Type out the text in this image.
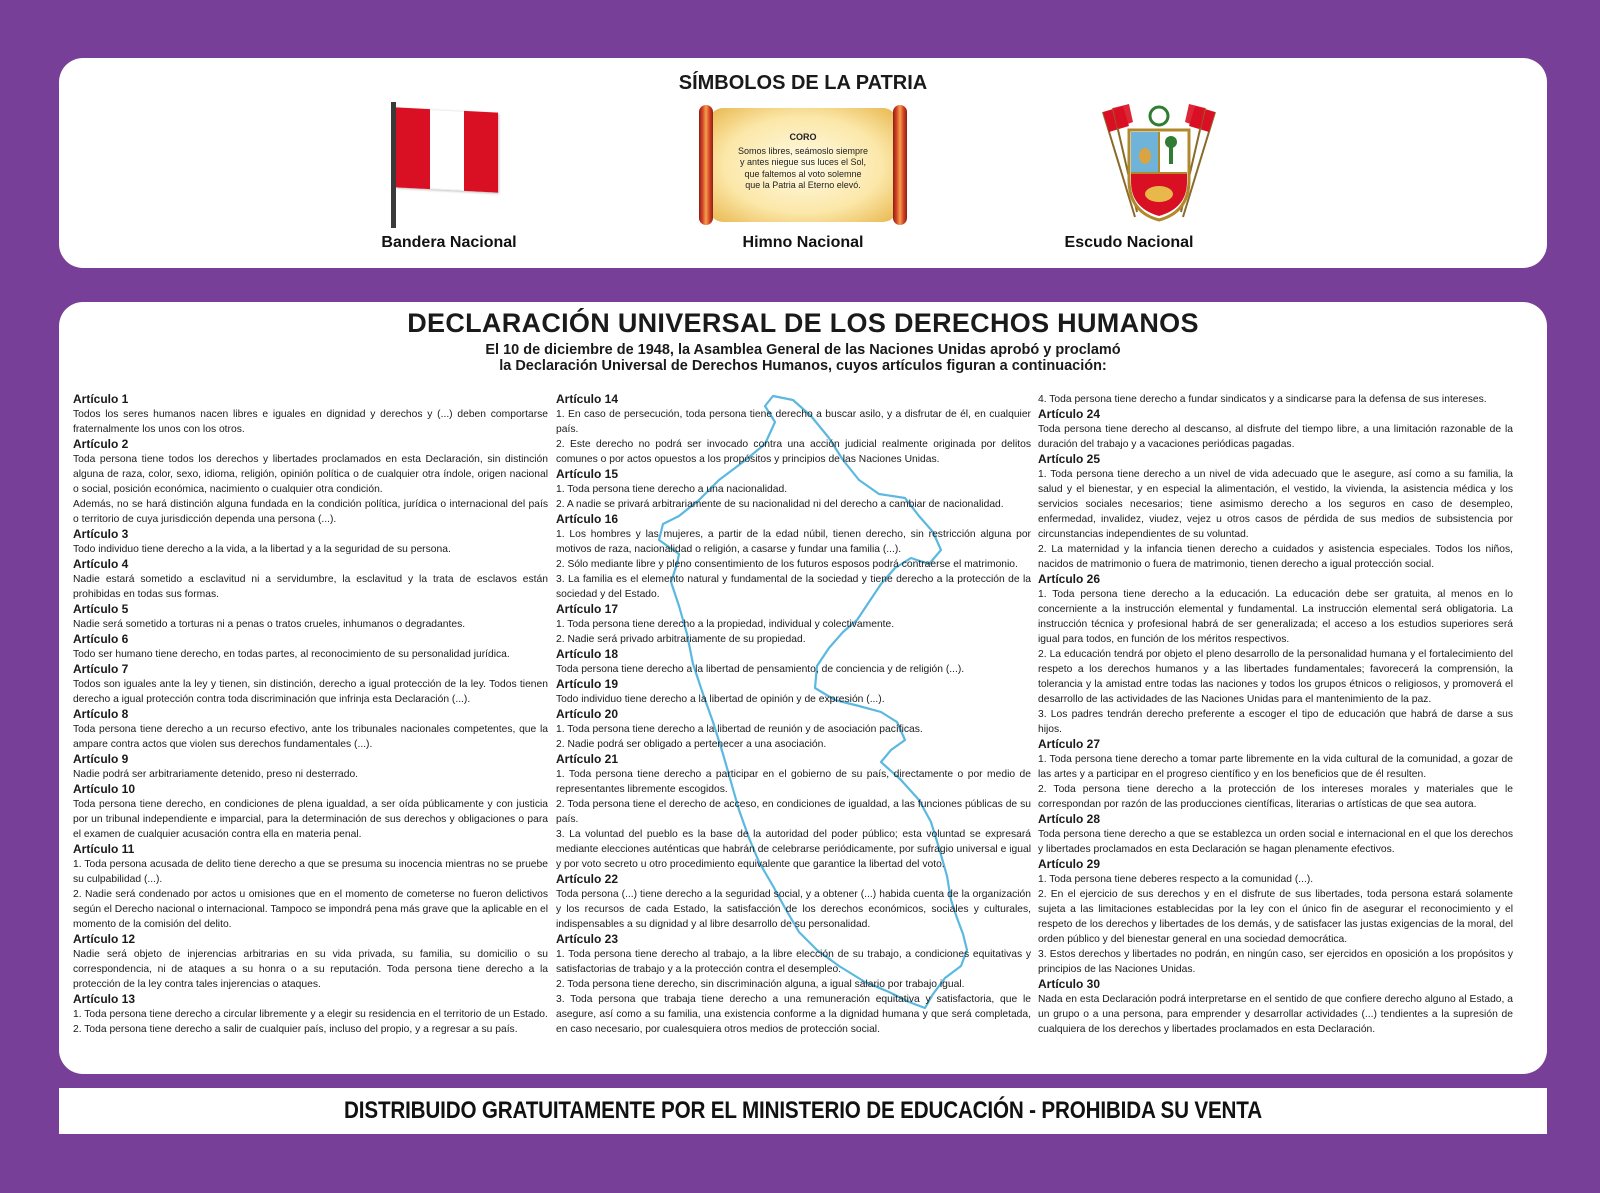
SÍMBOLOS DE LA PATRIA
Bandera Nacional
CORO
Somos libres, seámoslo siempre
y antes niegue sus luces el Sol,
que faltemos al voto solemne
que la Patria al Eterno elevó.
Himno Nacional	Escudo Nacional
DECLARACIÓN UNIVERSAL DE LOS DERECHOS HUMANOS
El 10 de diciembre de 1948, la Asamblea General de las Naciones Unidas aprobó y proclamó
la Declaración Universal de Derechos Humanos, cuyos artículos figuran a continuación:
Artículo 1

Todos los seres humanos nacen libres e iguales en dignidad y derechos y (...) deben comportarse fraternalmente los unos con los otros.

Artículo 2

Toda persona tiene todos los derechos y libertades proclamados en esta Declaración, sin distinción alguna de raza, color, sexo, idioma, religión, opinión política o de cualquier otra índole, origen nacional o social, posición económica, nacimiento o cualquier otra condición.

Además, no se hará distinción alguna fundada en la condición política, jurídica o internacional del país o territorio de cuya jurisdicción dependa una persona (...).

Artículo 3

Todo individuo tiene derecho a la vida, a la libertad y a la seguridad de su persona.

Artículo 4

Nadie estará sometido a esclavitud ni a servidumbre, la esclavitud y la trata de esclavos están prohibidas en todas sus formas.

Artículo 5

Nadie será sometido a torturas ni a penas o tratos crueles, inhumanos o degradantes.

Artículo 6

Todo ser humano tiene derecho, en todas partes, al reconocimiento de su personalidad jurídica.

Artículo 7

Todos son iguales ante la ley y tienen, sin distinción, derecho a igual protección de la ley. Todos tienen derecho a igual protección contra toda discriminación que infrinja esta Declaración (...).

Artículo 8

Toda persona tiene derecho a un recurso efectivo, ante los tribunales nacionales competentes, que la ampare contra actos que violen sus derechos fundamentales (...).

Artículo 9

Nadie podrá ser arbitrariamente detenido, preso ni desterrado.

Artículo 10

Toda persona tiene derecho, en condiciones de plena igualdad, a ser oída públicamente y con justicia por un tribunal independiente e imparcial, para la determinación de sus derechos y obligaciones o para el examen de cualquier acusación contra ella en materia penal.

Artículo 11

1. Toda persona acusada de delito tiene derecho a que se presuma su inocencia mientras no se pruebe su culpabilidad (...).

2. Nadie será condenado por actos u omisiones que en el momento de cometerse no fueron delictivos según el Derecho nacional o internacional. Tampoco se impondrá pena más grave que la aplicable en el momento de la comisión del delito.

Artículo 12

Nadie será objeto de injerencias arbitrarias en su vida privada, su familia, su domicilio o su correspondencia, ni de ataques a su honra o a su reputación. Toda persona tiene derecho a la protección de la ley contra tales injerencias o ataques.

Artículo 13

1. Toda persona tiene derecho a circular libremente y a elegir su residencia en el territorio de un Estado.

2. Toda persona tiene derecho a salir de cualquier país, incluso del propio, y a regresar a su país.

Artículo 14

1. En caso de persecución, toda persona tiene derecho a buscar asilo, y a disfrutar de él, en cualquier país.

2. Este derecho no podrá ser invocado contra una acción judicial realmente originada por delitos comunes o por actos opuestos a los propósitos y principios de las Naciones Unidas.

Artículo 15

1. Toda persona tiene derecho a una nacionalidad.

2. A nadie se privará arbitrariamente de su nacionalidad ni del derecho a cambiar de nacionalidad.

Artículo 16

1. Los hombres y las mujeres, a partir de la edad núbil, tienen derecho, sin restricción alguna por motivos de raza, nacionalidad o religión, a casarse y fundar una familia (...).

2. Sólo mediante libre y pleno consentimiento de los futuros esposos podrá contraerse el matrimonio.

3. La familia es el elemento natural y fundamental de la sociedad y tiene derecho a la protección de la sociedad y del Estado.

Artículo 17

1. Toda persona tiene derecho a la propiedad, individual y colectivamente.

2. Nadie será privado arbitrariamente de su propiedad.

Artículo 18

Toda persona tiene derecho a la libertad de pensamiento, de conciencia y de religión (...).

Artículo 19

Todo individuo tiene derecho a la libertad de opinión y de expresión (...).

Artículo 20

1. Toda persona tiene derecho a la libertad de reunión y de asociación pacíficas.

2. Nadie podrá ser obligado a pertenecer a una asociación.

Artículo 21

1. Toda persona tiene derecho a participar en el gobierno de su país, directamente o por medio de representantes libremente escogidos.

2. Toda persona tiene el derecho de acceso, en condiciones de igualdad, a las funciones públicas de su país.

3. La voluntad del pueblo es la base de la autoridad del poder público; esta voluntad se expresará mediante elecciones auténticas que habrán de celebrarse periódicamente, por sufragio universal e igual y por voto secreto u otro procedimiento equivalente que garantice la libertad del voto.

Artículo 22

Toda persona (...) tiene derecho a la seguridad social, y a obtener (...) habida cuenta de la organización y los recursos de cada Estado, la satisfacción de los derechos económicos, sociales y culturales, indispensables a su dignidad y al libre desarrollo de su personalidad.

Artículo 23

1. Toda persona tiene derecho al trabajo, a la libre elección de su trabajo, a condiciones equitativas y satisfactorias de trabajo y a la protección contra el desempleo.

2. Toda persona tiene derecho, sin discriminación alguna, a igual salario por trabajo igual.

3. Toda persona que trabaja tiene derecho a una remuneración equitativa y satisfactoria, que le asegure, así como a su familia, una existencia conforme a la dignidad humana y que será completada, en caso necesario, por cualesquiera otros medios de protección social.

4. Toda persona tiene derecho a fundar sindicatos y a sindicarse para la defensa de sus intereses.

Artículo 24

Toda persona tiene derecho al descanso, al disfrute del tiempo libre, a una limitación razonable de la duración del trabajo y a vacaciones periódicas pagadas.

Artículo 25

1. Toda persona tiene derecho a un nivel de vida adecuado que le asegure, así como a su familia, la salud y el bienestar, y en especial la alimentación, el vestido, la vivienda, la asistencia médica y los servicios sociales necesarios; tiene asimismo derecho a los seguros en caso de desempleo, enfermedad, invalidez, viudez, vejez u otros casos de pérdida de sus medios de subsistencia por circunstancias independientes de su voluntad.

2. La maternidad y la infancia tienen derecho a cuidados y asistencia especiales. Todos los niños, nacidos de matrimonio o fuera de matrimonio, tienen derecho a igual protección social.

Artículo 26

1. Toda persona tiene derecho a la educación. La educación debe ser gratuita, al menos en lo concerniente a la instrucción elemental y fundamental. La instrucción elemental será obligatoria. La instrucción técnica y profesional habrá de ser generalizada; el acceso a los estudios superiores será igual para todos, en función de los méritos respectivos.

2. La educación tendrá por objeto el pleno desarrollo de la personalidad humana y el fortalecimiento del respeto a los derechos humanos y a las libertades fundamentales; favorecerá la comprensión, la tolerancia y la amistad entre todas las naciones y todos los grupos étnicos o religiosos, y promoverá el desarrollo de las actividades de las Naciones Unidas para el mantenimiento de la paz.

3. Los padres tendrán derecho preferente a escoger el tipo de educación que habrá de darse a sus hijos.

Artículo 27

1. Toda persona tiene derecho a tomar parte libremente en la vida cultural de la comunidad, a gozar de las artes y a participar en el progreso científico y en los beneficios que de él resulten.

2. Toda persona tiene derecho a la protección de los intereses morales y materiales que le correspondan por razón de las producciones científicas, literarias o artísticas de que sea autora.

Artículo 28

Toda persona tiene derecho a que se establezca un orden social e internacional en el que los derechos y libertades proclamados en esta Declaración se hagan plenamente efectivos.

Artículo 29

1. Toda persona tiene deberes respecto a la comunidad (...).

2. En el ejercicio de sus derechos y en el disfrute de sus libertades, toda persona estará solamente sujeta a las limitaciones establecidas por la ley con el único fin de asegurar el reconocimiento y el respeto de los derechos y libertades de los demás, y de satisfacer las justas exigencias de la moral, del orden público y del bienestar general en una sociedad democrática.

3. Estos derechos y libertades no podrán, en ningún caso, ser ejercidos en oposición a los propósitos y principios de las Naciones Unidas.

Artículo 30

Nada en esta Declaración podrá interpretarse en el sentido de que confiere derecho alguno al Estado, a un grupo o a una persona, para emprender y desarrollar actividades (...) tendientes a la supresión de cualquiera de los derechos y libertades proclamados en esta Declaración.

DISTRIBUIDO GRATUITAMENTE POR EL MINISTERIO DE EDUCACIÓN - PROHIBIDA SU VENTA
